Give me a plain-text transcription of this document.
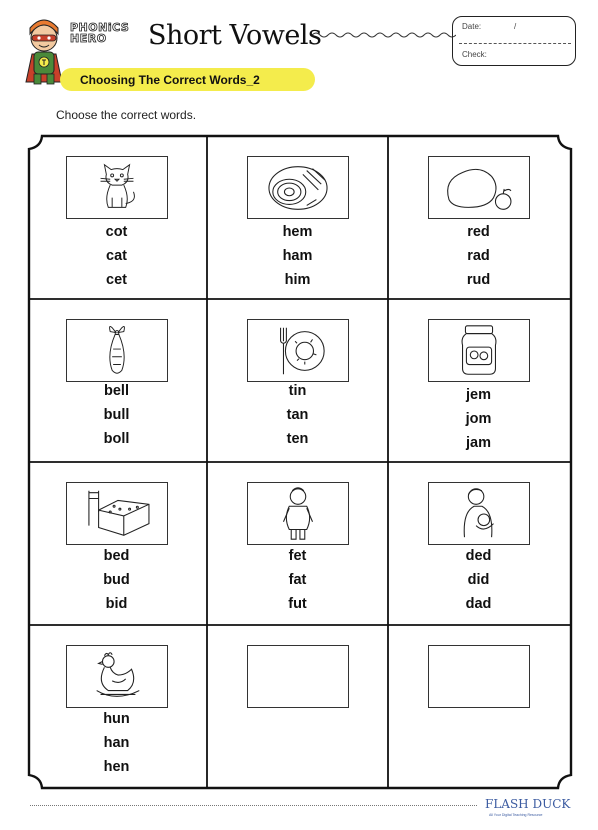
PHONiCS
HERO	Short Vowels	Date:	/
Check:
Choosing The Correct Words_2
Choose the correct words.
cot
cat
cet
hem
ham
him
red
rad
rud
bell
bull
boll
tin
tan
ten
jem
jom
jam
bed
bud
bid
fet
fat
fut
ded
did
dad
hun
han
hen
FLASH DUCK
All Your Digital Teaching Resource
